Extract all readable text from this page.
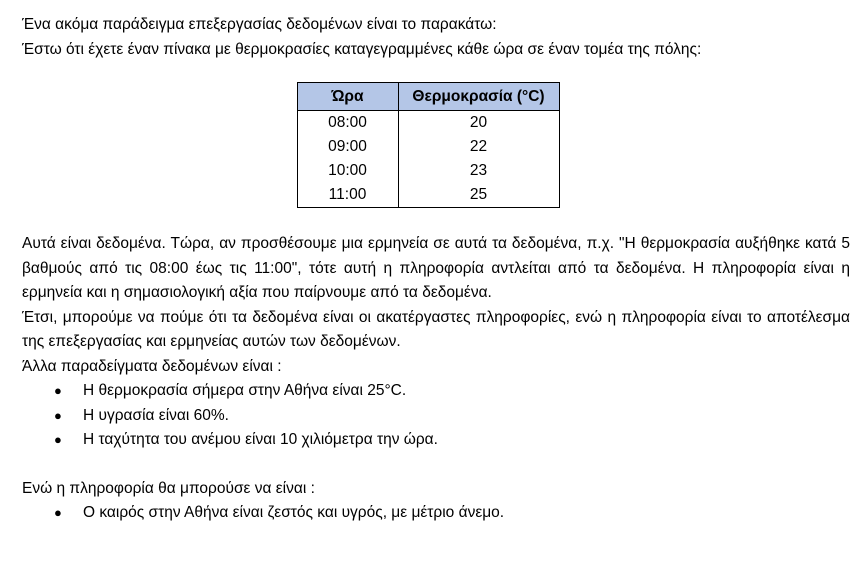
Ένα ακόμα παράδειγμα επεξεργασίας δεδομένων είναι το παρακάτω:

Έστω ότι έχετε έναν πίνακα με θερμοκρασίες καταγεγραμμένες κάθε ώρα σε έναν τομέα της πόλης:

Ώρα	Θερμοκρασία (°C)
08:00	20
09:00	22
10:00	23
11:00	25

Αυτά είναι δεδομένα. Τώρα, αν προσθέσουμε μια ερμηνεία σε αυτά τα δεδομένα, π.χ. "Η θερμοκρασία αυξήθηκε κατά 5 βαθμούς από τις 08:00 έως τις 11:00", τότε αυτή η πληροφορία αντλείται από τα δεδομένα. Η πληροφορία είναι η ερμηνεία και η σημασιολογική αξία που παίρνουμε από τα δεδομένα.

Έτσι, μπορούμε να πούμε ότι τα δεδομένα είναι οι ακατέργαστες πληροφορίες, ενώ η πληροφορία είναι το αποτέλεσμα της επεξεργασίας και ερμηνείας αυτών των δεδομένων.

Άλλα παραδείγματα δεδομένων είναι :

● Η θερμοκρασία σήμερα στην Αθήνα είναι 25°C.
● Η υγρασία είναι 60%.
● Η ταχύτητα του ανέμου είναι 10 χιλιόμετρα την ώρα.

Ενώ η πληροφορία θα μπορούσε να είναι :

● Ο καιρός στην Αθήνα είναι ζεστός και υγρός, με μέτριο άνεμο.
